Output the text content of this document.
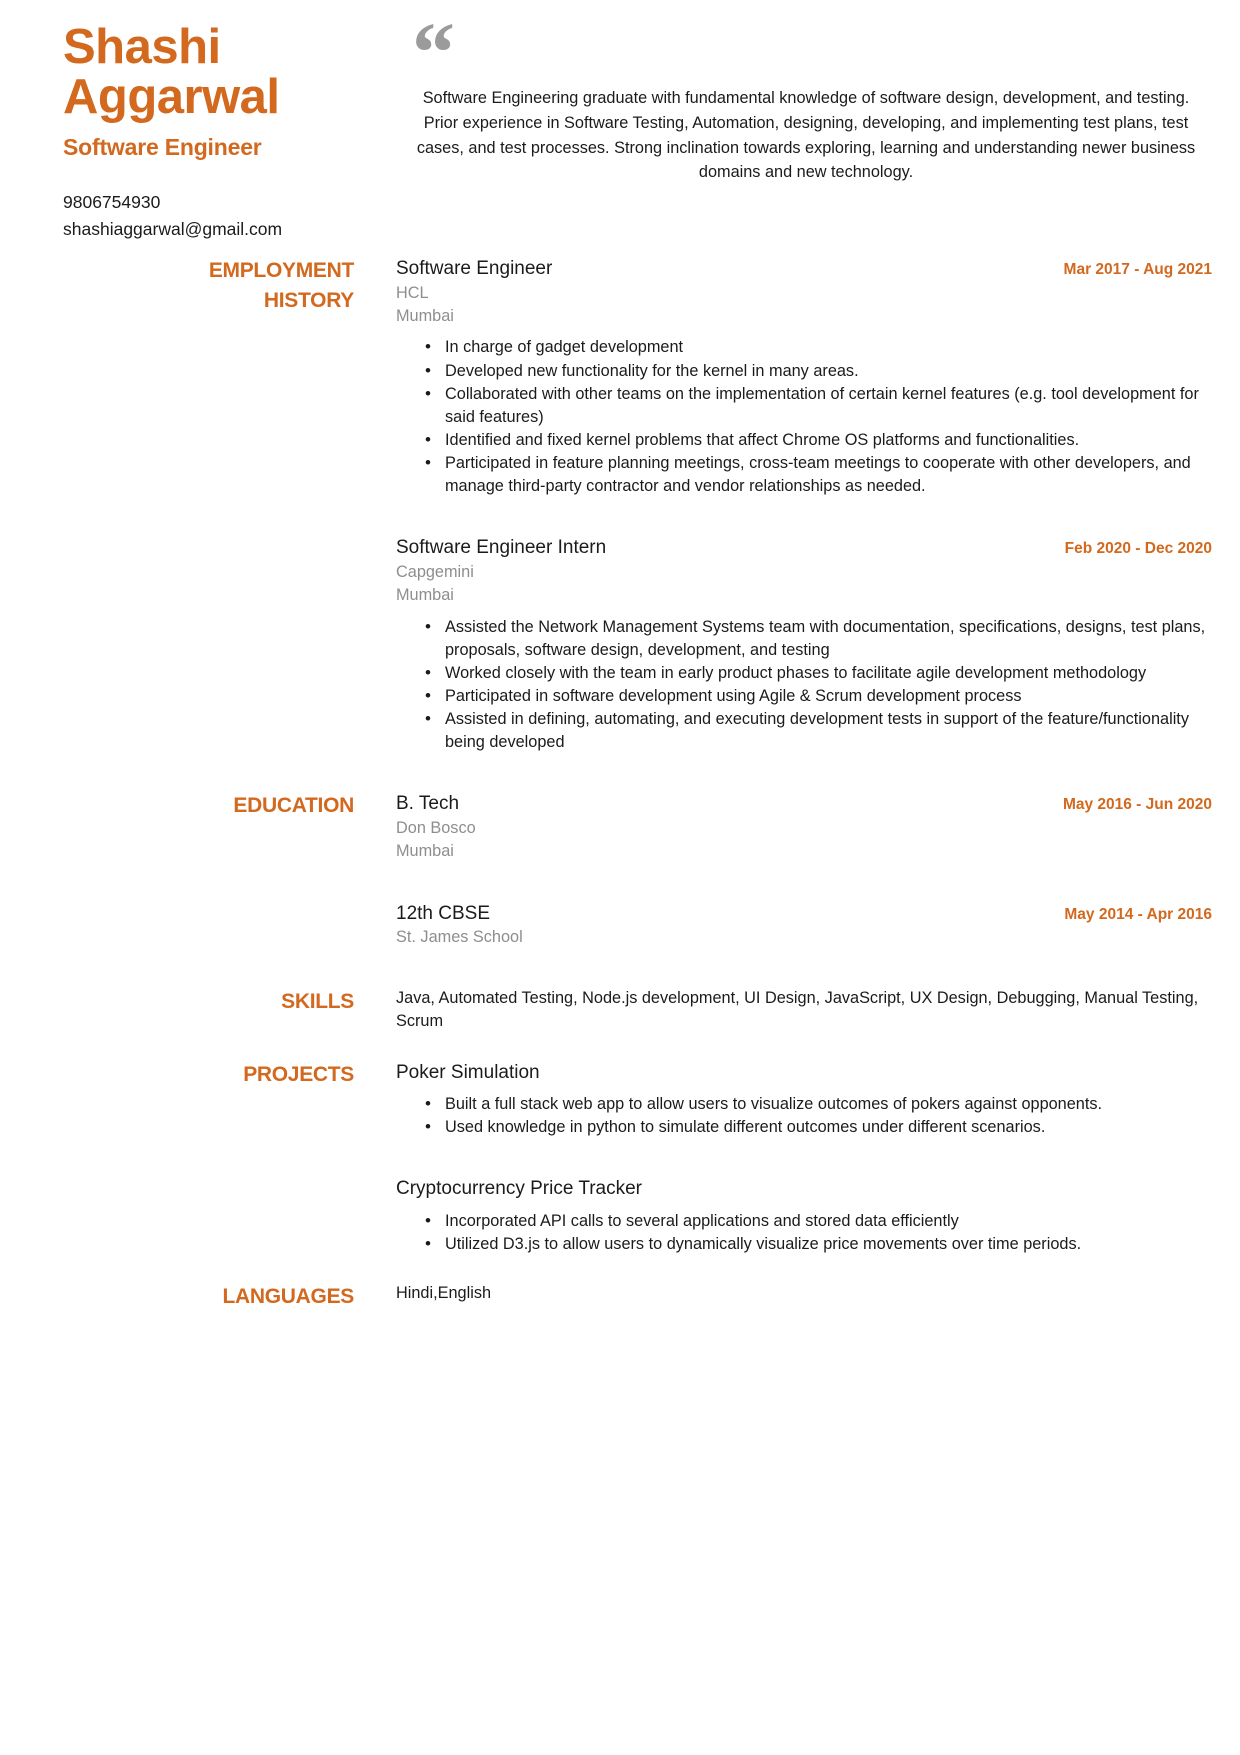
Shashi
Aggarwal
Software Engineer
9806754930
shashiaggarwal@gmail.com
“
Software Engineering graduate with fundamental knowledge of software design, development, and testing. Prior experience in Software Testing, Automation, designing, developing, and implementing test plans, test cases, and test processes. Strong inclination towards exploring, learning and understanding newer business domains and new technology.
EMPLOYMENT
HISTORY
Software Engineer	Mar 2017 - Aug 2021
HCL
Mumbai
• In charge of gadget development
• Developed new functionality for the kernel in many areas.
• Collaborated with other teams on the implementation of certain kernel features (e.g. tool development for said features)
• Identified and fixed kernel problems that affect Chrome OS platforms and functionalities.
• Participated in feature planning meetings, cross-team meetings to cooperate with other developers, and manage third-party contractor and vendor relationships as needed.
Software Engineer Intern	Feb 2020 - Dec 2020
Capgemini
Mumbai
• Assisted the Network Management Systems team with documentation, specifications, designs, test plans, proposals, software design, development, and testing
• Worked closely with the team in early product phases to facilitate agile development methodology
• Participated in software development using Agile & Scrum development process
• Assisted in defining, automating, and executing development tests in support of the feature/functionality being developed
EDUCATION B. Tech	May 2016 - Jun 2020
Don Bosco
Mumbai
12th CBSE	May 2014 - Apr 2016
St. James School
SKILLS	Java, Automated Testing, Node.js development, UI Design, JavaScript, UX Design, Debugging, Manual Testing, Scrum
PROJECTS Poker Simulation
• Built a full stack web app to allow users to visualize outcomes of pokers against opponents.
• Used knowledge in python to simulate different outcomes under different scenarios.
Cryptocurrency Price Tracker
• Incorporated API calls to several applications and stored data efficiently
• Utilized D3.js to allow users to dynamically visualize price movements over time periods.
LANGUAGES	Hindi,English
